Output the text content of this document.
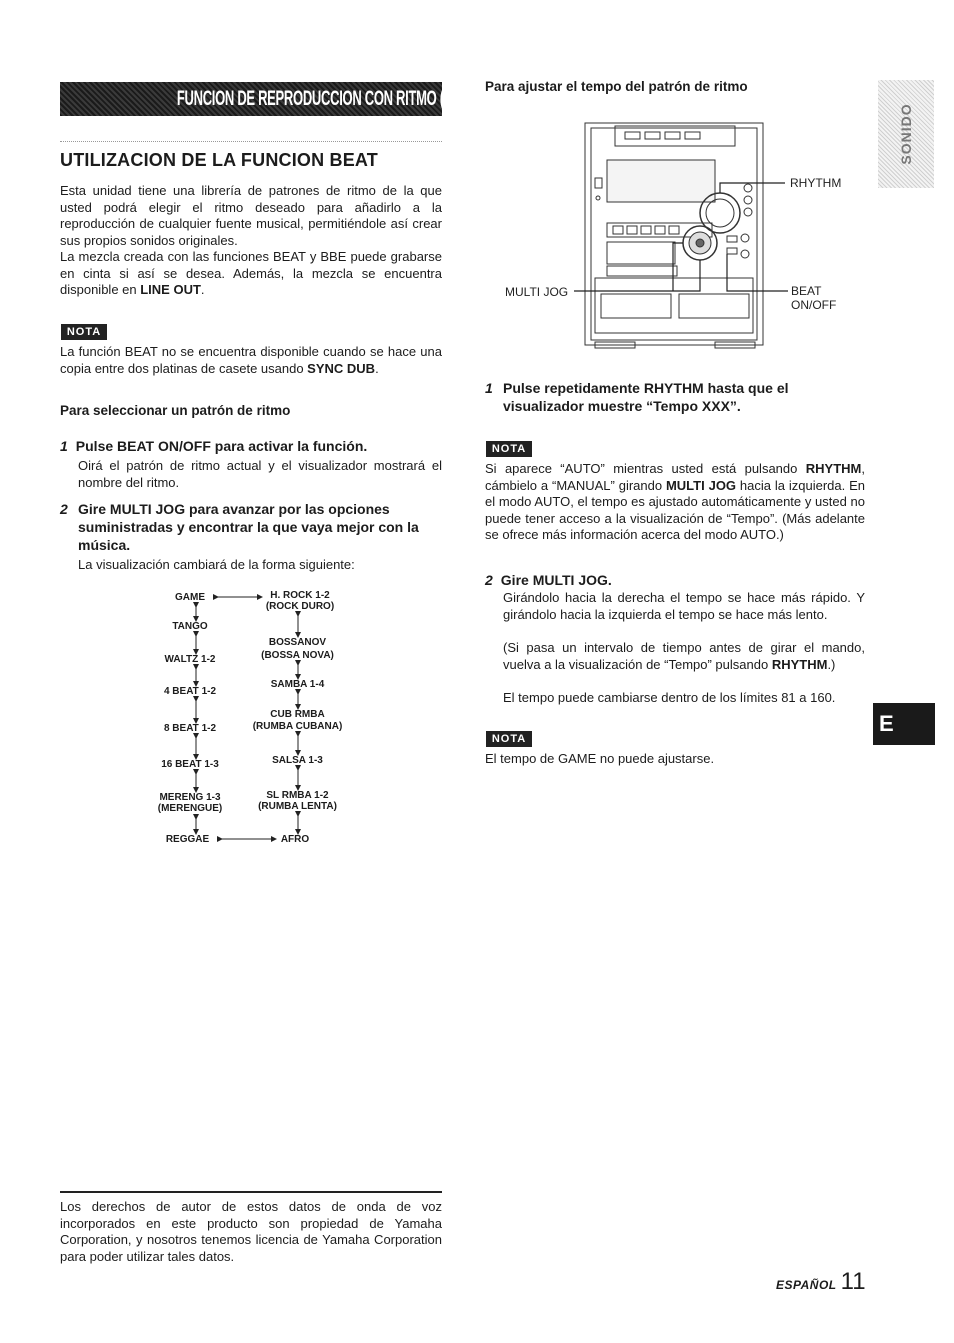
FUNCION DE REPRODUCCION CON RITMO (BEAT MASTER DX)
SONIDO
E
UTILIZACION DE LA FUNCION BEAT

Esta unidad tiene una librería de patrones de ritmo de la que usted podrá elegir el ritmo deseado para añadirlo a la reproducción de cualquier fuente musical, permitiéndole así crear sus propios sonidos originales.

La mezcla creada con las funciones BEAT y BBE puede grabarse en cinta si así se desea. Además, la mezcla se encuentra disponible en LINE OUT.

NOTA

La función BEAT no se encuentra disponible cuando se hace una copia entre dos platinas de casete usando SYNC DUB.

Para seleccionar un patrón de ritmo

1 Pulse BEAT ON/OFF para activar la función.

Oirá el patrón de ritmo actual y el visualizador mostrará el nombre del ritmo.

2 Gire MULTI JOG para avanzar por las opciones suministradas y encontrar la que vaya mejor con la música.

La visualización cambiará de la forma siguiente:

GAME
TANGO
WALTZ 1-2
4 BEAT 1-2
8 BEAT 1-2
16 BEAT 1-3
MERENG 1-3
(MERENGUE)
REGGAE
H. ROCK 1-2
(ROCK DURO)
BOSSANOV
(BOSSA NOVA)
SAMBA 1-4
CUB RMBA
(RUMBA CUBANA)
SALSA 1-3
SL RMBA 1-2
(RUMBA LENTA)
AFRO

Los derechos de autor de estos datos de onda de voz incorporados en este producto son propiedad de Yamaha Corporation, y nosotros tenemos licencia de Yamaha Corporation para poder utilizar tales datos.

Para ajustar el tempo del patrón de ritmo
RHYTHM
MULTI JOG	BEAT
ON/OFF

1 Pulse repetidamente RHYTHM hasta que el visualizador muestre “Tempo XXX”.

NOTA

Si aparece “AUTO” mientras usted está pulsando RHYTHM, cámbielo a “MANUAL” girando MULTI JOG hacia la izquierda. En el modo AUTO, el tempo es ajustado automáticamente y usted no puede tener acceso a la visualización de “Tempo”. (Más adelante se ofrece más información acerca del modo AUTO.)

2 Gire MULTI JOG.

Girándolo hacia la derecha el tempo se hace más rápido. Y girándolo hacia la izquierda el tempo se hace más lento.

(Si pasa un intervalo de tiempo antes de girar el mando, vuelva a la visualización de “Tempo” pulsando RHYTHM.)

El tempo puede cambiarse dentro de los límites 81 a 160.

NOTA

El tempo de GAME no puede ajustarse.

ESPAÑOL 11
